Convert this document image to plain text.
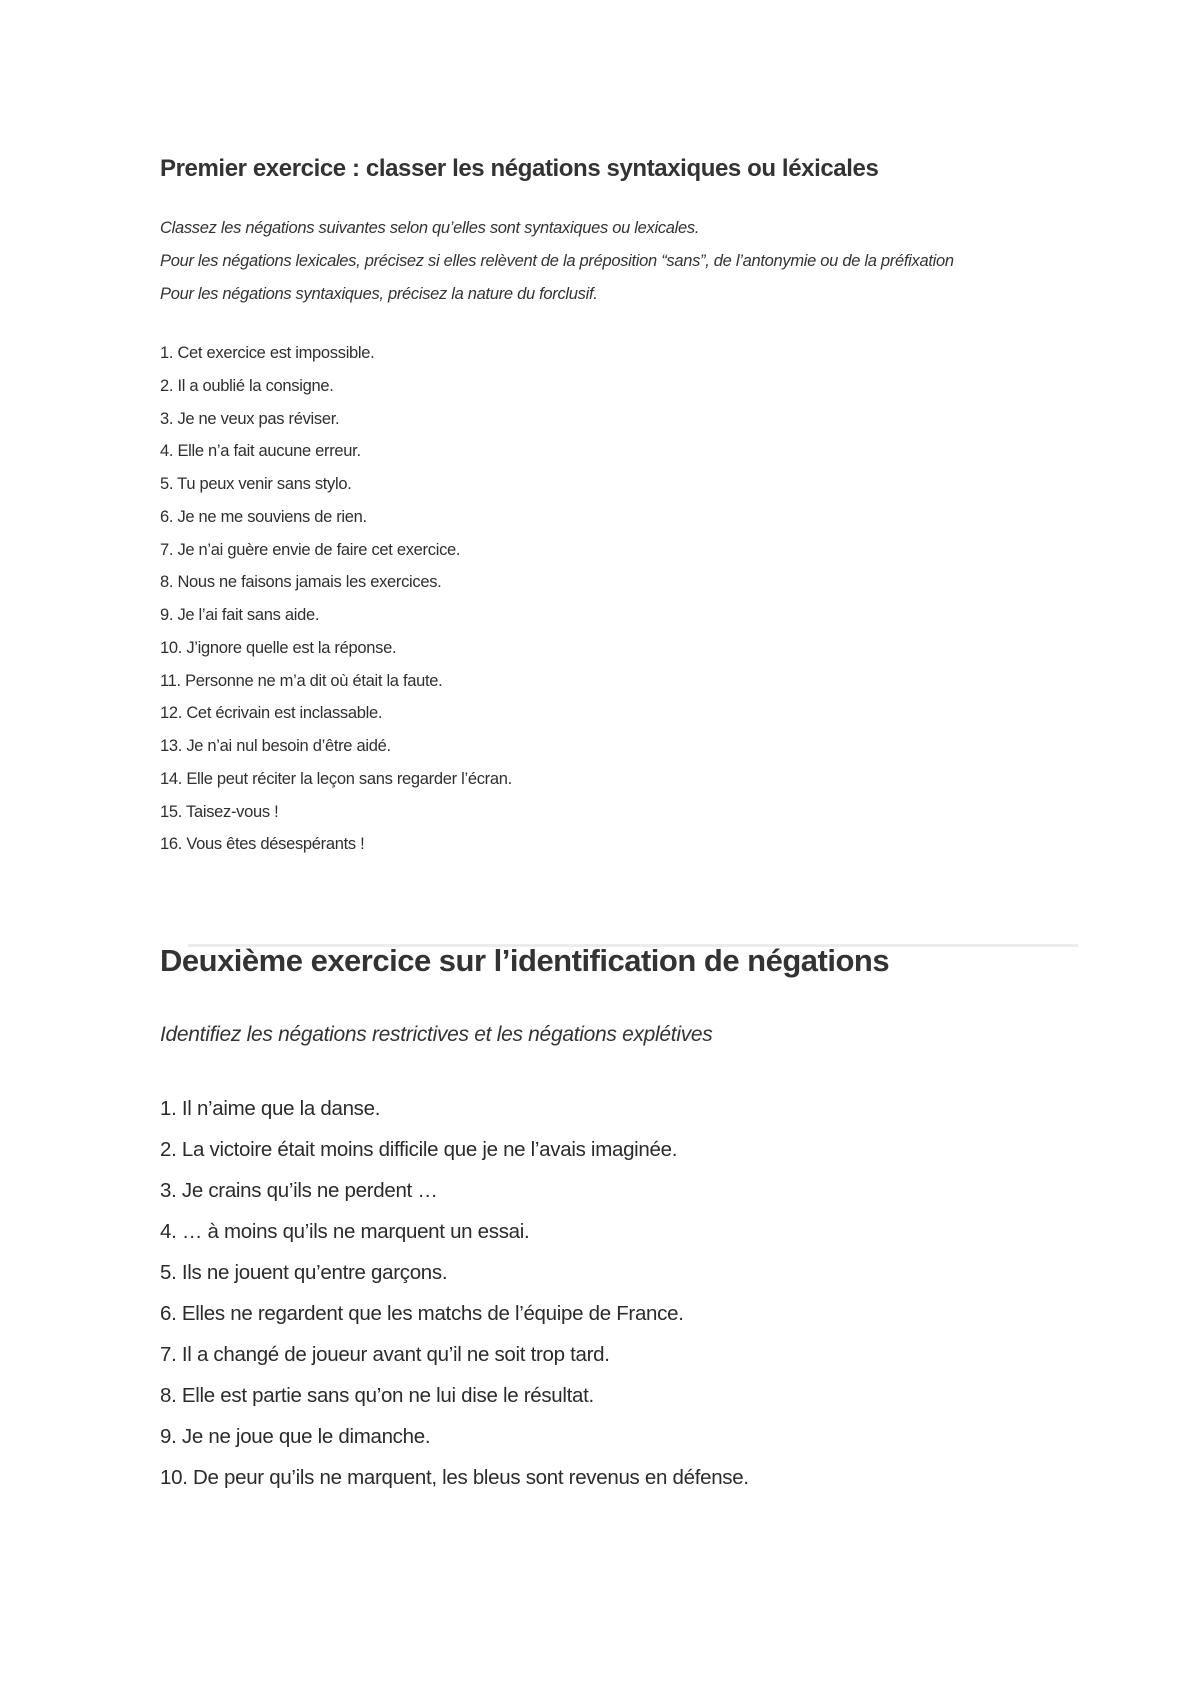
Premier exercice : classer les négations syntaxiques ou léxicales

Classez les négations suivantes selon qu’elles sont syntaxiques ou lexicales.

Pour les négations lexicales, précisez si elles relèvent de la préposition “sans”, de l’antonymie ou de la préfixation

Pour les négations syntaxiques, précisez la nature du forclusif.

1. Cet exercice est impossible.
2. Il a oublié la consigne.
3. Je ne veux pas réviser.
4. Elle n’a fait aucune erreur.
5. Tu peux venir sans stylo.
6. Je ne me souviens de rien.
7. Je n’ai guère envie de faire cet exercice.
8. Nous ne faisons jamais les exercices.
9. Je l’ai fait sans aide.
10. J’ignore quelle est la réponse.
11. Personne ne m’a dit où était la faute.
12. Cet écrivain est inclassable.
13. Je n’ai nul besoin d’être aidé.
14. Elle peut réciter la leçon sans regarder l’écran.
15. Taisez-vous !
16. Vous êtes désespérants !
Deuxième exercice sur l’identification de négations

Identifiez les négations restrictives et les négations explétives

1. Il n’aime que la danse.
2. La victoire était moins difficile que je ne l’avais imaginée.
3. Je crains qu’ils ne perdent …
4. … à moins qu’ils ne marquent un essai.
5. Ils ne jouent qu’entre garçons.
6. Elles ne regardent que les matchs de l’équipe de France.
7. Il a changé de joueur avant qu’il ne soit trop tard.
8. Elle est partie sans qu’on ne lui dise le résultat.
9. Je ne joue que le dimanche.
10. De peur qu’ils ne marquent, les bleus sont revenus en défense.
